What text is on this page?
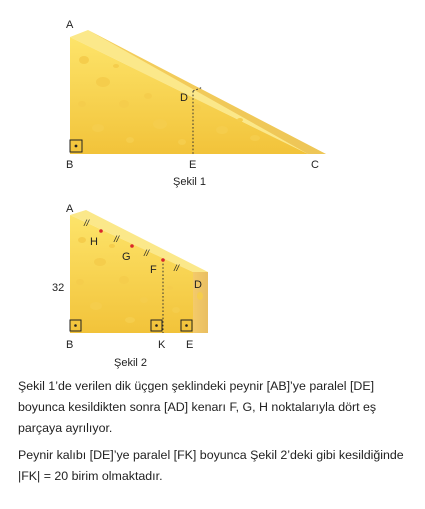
A
D
B	E	C
Şekil 1
//
//
//
//
A
H
G
F
D
32
B	K E
Şekil 2

Şekil 1’de verilen dik üçgen şeklindeki peynir [AB]’ye paralel [DE] boyunca kesildikten sonra [AD] kenarı F, G, H noktalarıyla dört eş parçaya ayrılıyor.

Peynir kalıbı [DE]’ye paralel [FK] boyunca Şekil 2’deki gibi kesildiğinde |FK| = 20 birim olmaktadır.
